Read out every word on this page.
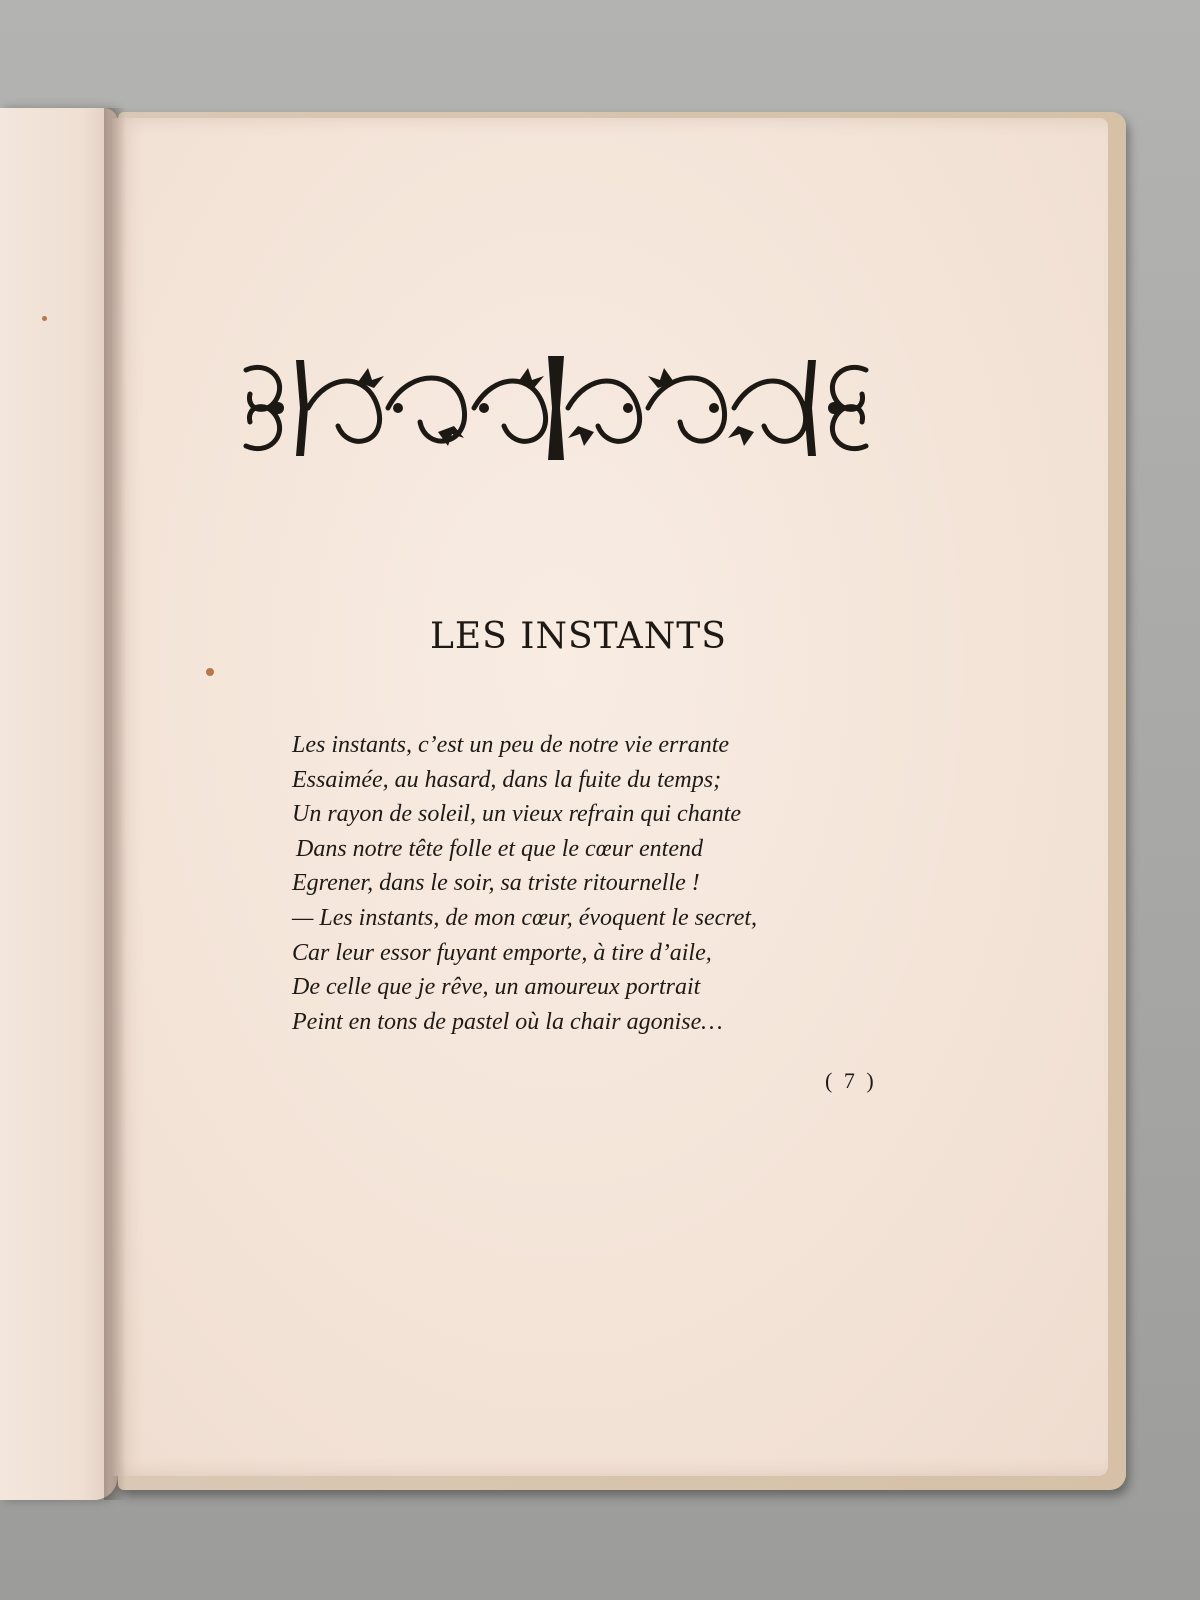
LES INSTANTS
Les instants, c’est un peu de notre vie errante
Essaimée, au hasard, dans la fuite du temps;
Un rayon de soleil, un vieux refrain qui chante
Dans notre tête folle et que le cœur entend
Egrener, dans le soir, sa triste ritournelle !
— Les instants, de mon cœur, évoquent le secret,
Car leur essor fuyant emporte, à tire d’aile,
De celle que je rêve, un amoureux portrait
Peint en tons de pastel où la chair agonise…
( 7 )
